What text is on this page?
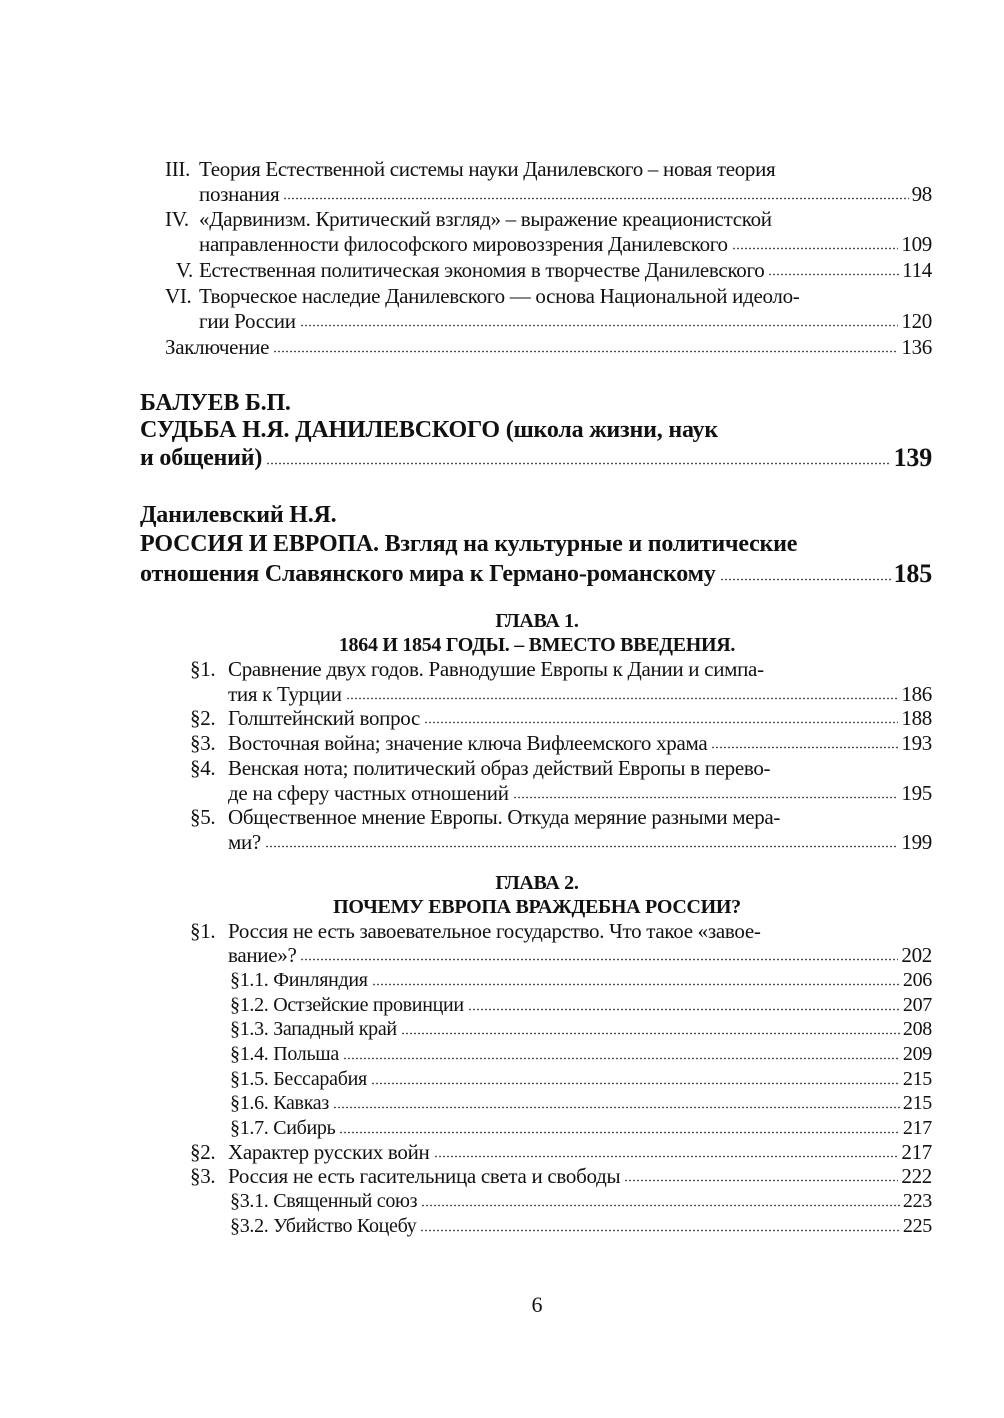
III. Теория Естественной системы науки Данилевского – новая теория
познания	98
IV. «Дарвинизм. Критический взгляд» – выражение креационистской
направленности философского мировоззрения Данилевского	109
V. Естественная политическая экономия в творчестве Данилевского	114
VI. Творческое наследие Данилевского — основа Национальной идеоло-
гии России	120
Заключение	136
БАЛУЕВ Б.П.
СУДЬБА Н.Я. ДАНИЛЕВСКОГО (школа жизни, наук
и общений)	139
Данилевский Н.Я.
РОССИЯ И ЕВРОПА. Взгляд на культурные и политические
отношения Славянского мира к Германо-романскому	185
§1. Сравнение двух годов. Равнодушие Европы к Дании и симпа-
тия к Турции	186
§2. Голштейнский вопрос	188
§3. Восточная война; значение ключа Вифлеемского храма	193
§4. Венская нота; политический образ действий Европы в перево-
де на сферу частных отношений	195
§5. Общественное мнение Европы. Откуда меряние разными мера-
ми?	199
§1. Россия не есть завоевательное государство. Что такое «завое-
вание»?	202
§1.1. Финляндия	206
§1.2. Остзейские провинции	207
§1.3. Западный край	208
§1.4. Польша	209
§1.5. Бессарабия	215
§1.6. Кавказ	215
§1.7. Сибирь	217
§2. Характер русских войн	217
§3. Россия не есть гасительница света и свободы	222
§3.1. Священный союз	223
§3.2. Убийство Коцебу	225
ГЛАВА 1.
1864 И 1854 ГОДЫ. – ВМЕСТО ВВЕДЕНИЯ.
ГЛАВА 2.
ПОЧЕМУ ЕВРОПА ВРАЖДЕБНА РОССИИ?
6
